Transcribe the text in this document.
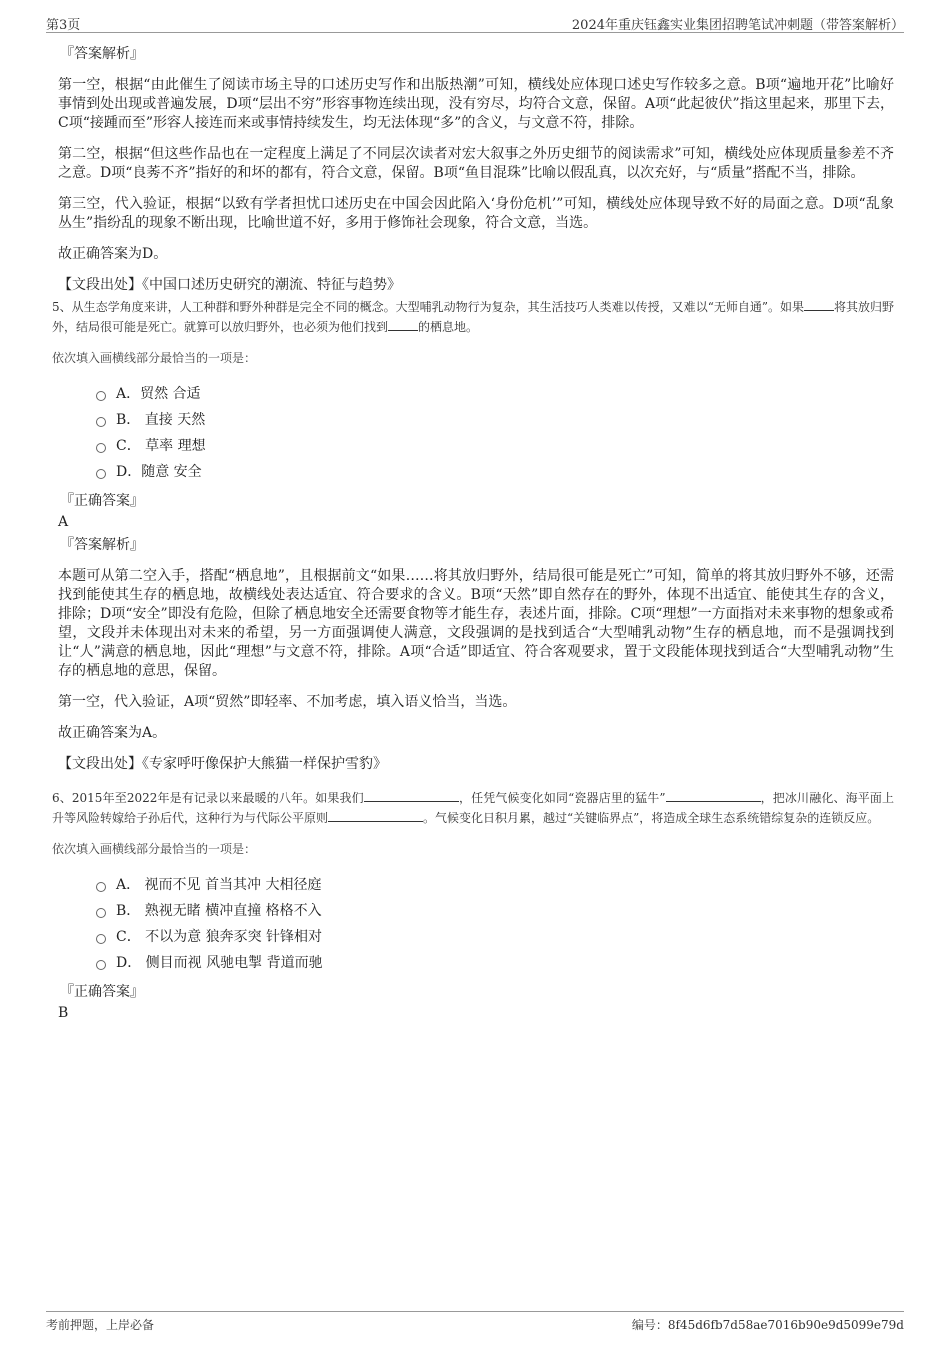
第3页	2024年重庆钰鑫实业集团招聘笔试冲刺题（带答案解析）
『答案解析』
第一空，根据“由此催生了阅读市场主导的口述历史写作和出版热潮”可知，横线处应体现口述史写作较多之意。B项“遍地开花”比喻好事情到处出现或普遍发展，D项“层出不穷”形容事物连续出现，没有穷尽，均符合文意，保留。A项“此起彼伏”指这里起来，那里下去，C项“接踵而至”形容人接连而来或事情持续发生，均无法体现“多”的含义，与文意不符，排除。
第二空，根据“但这些作品也在一定程度上满足了不同层次读者对宏大叙事之外历史细节的阅读需求”可知，横线处应体现质量参差不齐之意。D项“良莠不齐”指好的和坏的都有，符合文意，保留。B项“鱼目混珠”比喻以假乱真，以次充好，与“质量”搭配不当，排除。
第三空，代入验证，根据“以致有学者担忧口述历史在中国会因此陷入‘身份危机’”可知，横线处应体现导致不好的局面之意。D项“乱象丛生”指纷乱的现象不断出现，比喻世道不好，多用于修饰社会现象，符合文意，当选。
故正确答案为D。
【文段出处】《中国口述历史研究的潮流、特征与趋势》
5、从生态学角度来讲，人工种群和野外种群是完全不同的概念。大型哺乳动物行为复杂，其生活技巧人类难以传授，又难以“无师自通”。如果	将其放归野外，结局很可能是死亡。就算可以放归野外，也必须为他们找到	的栖息地。
依次填入画横线部分最恰当的一项是：
A．贸然 合适
B． 直接 天然
C． 草率 理想
D．随意 安全
『正确答案』
A
『答案解析』
本题可从第二空入手，搭配“栖息地”，且根据前文“如果……将其放归野外，结局很可能是死亡”可知，简单的将其放归野外不够，还需找到能使其生存的栖息地，故横线处表达适宜、符合要求的含义。B项“天然”即自然存在的野外，体现不出适宜、能使其生存的含义，排除；D项“安全”即没有危险，但除了栖息地安全还需要食物等才能生存，表述片面，排除。C项“理想”一方面指对未来事物的想象或希望，文段并未体现出对未来的希望，另一方面强调使人满意，文段强调的是找到适合“大型哺乳动物”生存的栖息地，而不是强调找到让“人”满意的栖息地，因此“理想”与文意不符，排除。A项“合适”即适宜、符合客观要求，置于文段能体现找到适合“大型哺乳动物”生存的栖息地的意思，保留。
第一空，代入验证，A项“贸然”即轻率、不加考虑，填入语义恰当，当选。
故正确答案为A。
【文段出处】《专家呼吁像保护大熊猫一样保护雪豹》
6、2015年至2022年是有记录以来最暖的八年。如果我们	，任凭气候变化如同“瓷器店里的猛牛”	，把冰川融化、海平面上升等风险转嫁给子孙后代，这种行为与代际公平原则	。气候变化日积月累，越过“关键临界点”，将造成全球生态系统错综复杂的连锁反应。
依次填入画横线部分最恰当的一项是：
A． 视而不见 首当其冲 大相径庭
B． 熟视无睹 横冲直撞 格格不入
C． 不以为意 狼奔豕突 针锋相对
D． 侧目而视 风驰电掣 背道而驰
『正确答案』
B
考前押题，上岸必备	编号：8f45d6fb7d58ae7016b90e9d5099e79d
